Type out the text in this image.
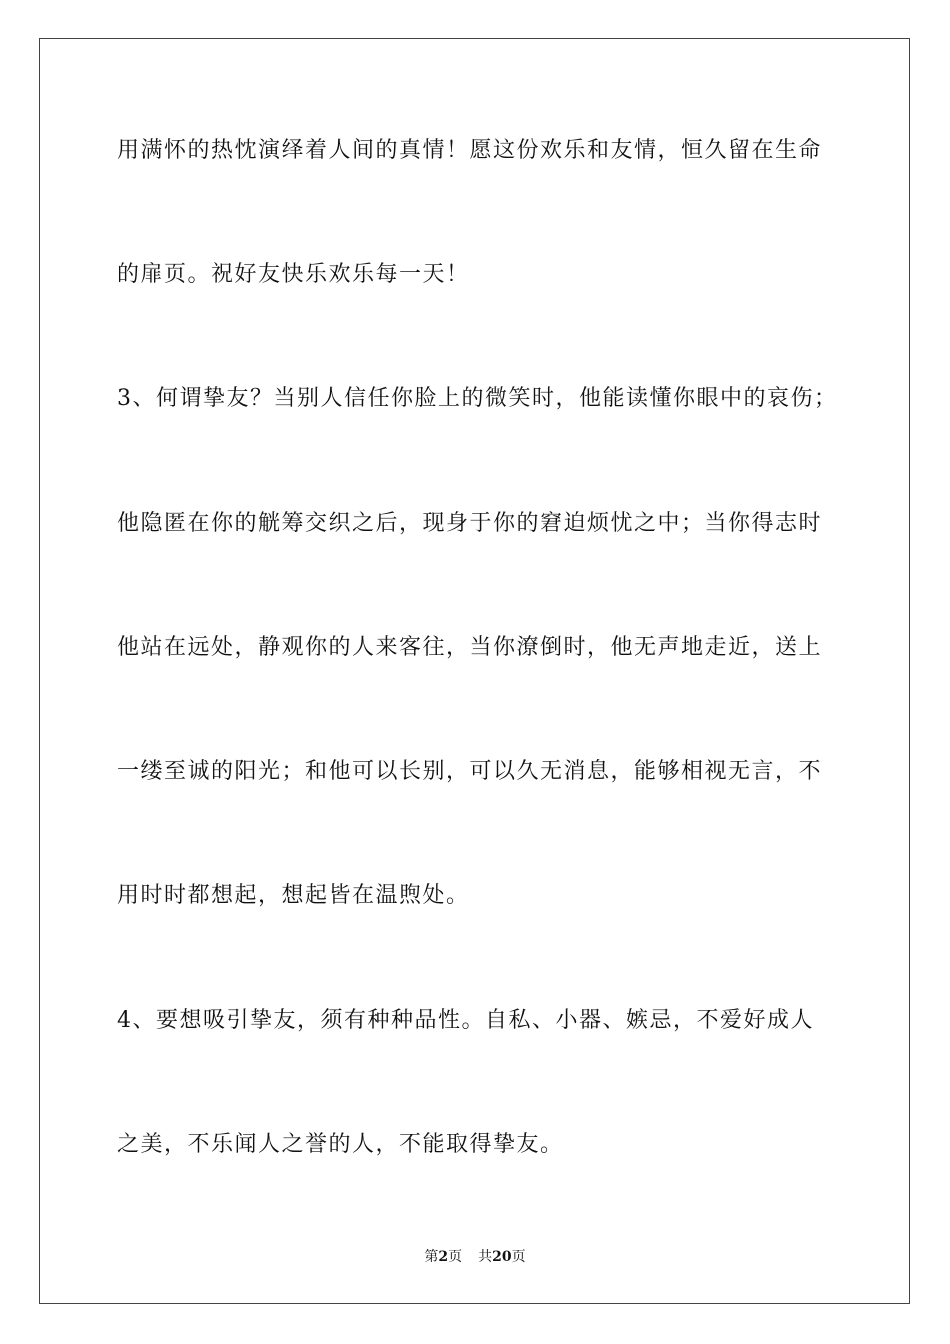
用满怀的热忱演绎着人间的真情！愿这份欢乐和友情，恒久留在生命
的扉页。祝好友快乐欢乐每一天！
3、何谓挚友？当别人信任你脸上的微笑时，他能读懂你眼中的哀伤；
他隐匿在你的觥筹交织之后，现身于你的窘迫烦忧之中；当你得志时
他站在远处，静观你的人来客往，当你潦倒时，他无声地走近，送上
一缕至诚的阳光；和他可以长别，可以久无消息，能够相视无言，不
用时时都想起，想起皆在温煦处。
4、要想吸引挚友，须有种种品性。自私、小器、嫉忌，不爱好成人
之美，不乐闻人之誉的人，不能取得挚友。
第2页 共20页
